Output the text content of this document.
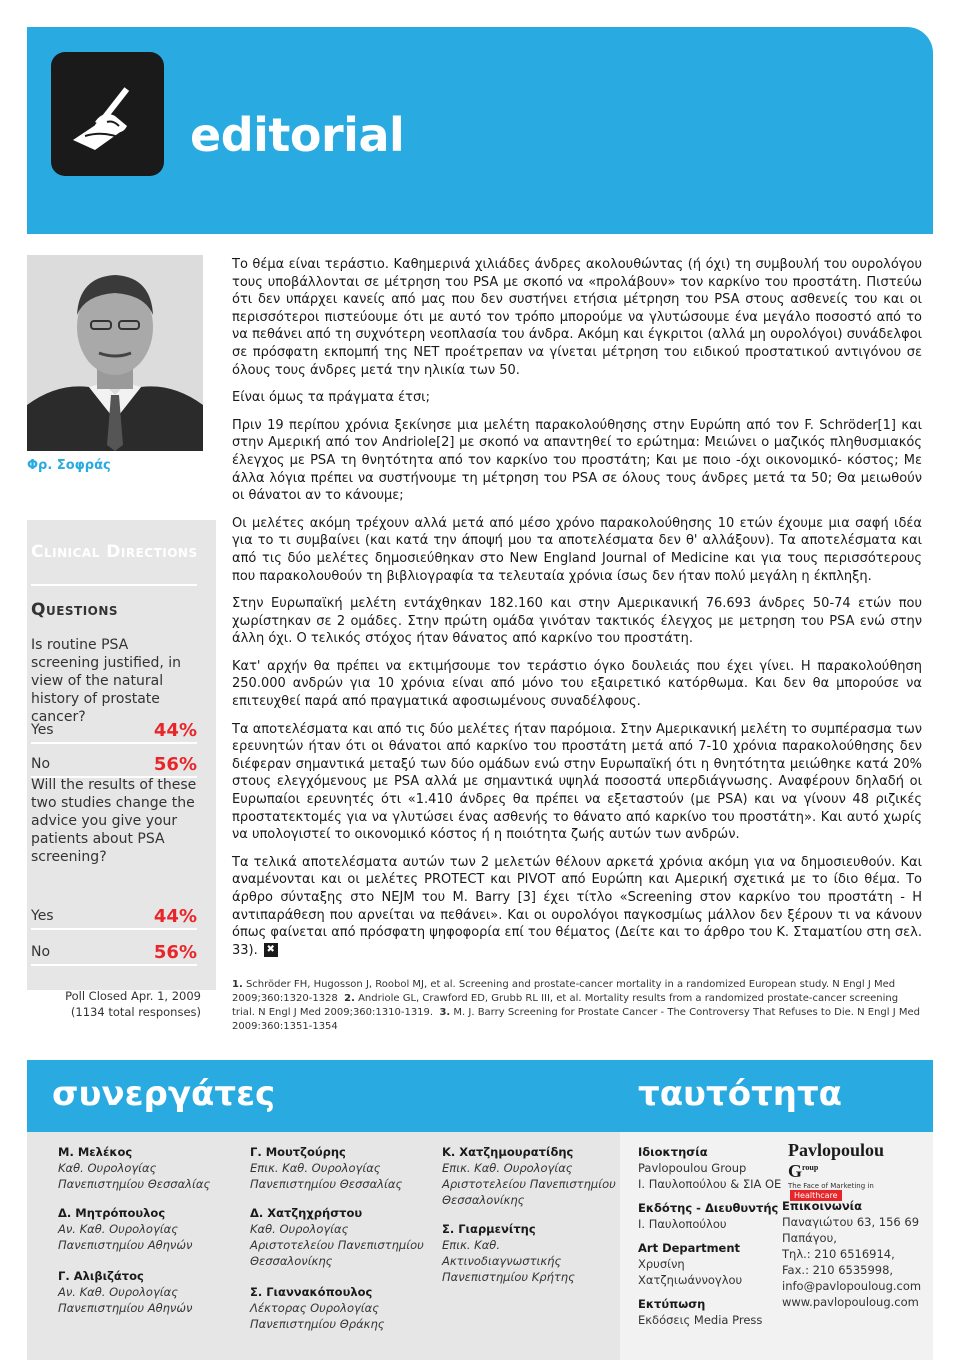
editorial
Φρ. Σοφράς
Clinical Directions
Questions
Is routine PSA screening justified, in view of the natural history of prostate cancer?
Yes	44%
No	56%
Will the results of these two studies change the advice you give your patients about PSA screening?
Yes	44%
No	56%
Poll Closed Apr. 1, 2009
(1134 total responses)

Το θέμα είναι τεράστιο. Καθημερινά χιλιάδες άνδρες ακολουθώντας (ή όχι) τη συμβουλή του ουρολόγου τους υποβάλλονται σε μέτρηση του PSA με σκοπό να «προλάβουν» τον καρκίνο του προστάτη. Πιστεύω ότι δεν υπάρχει κανείς από μας που δεν συστήνει ετήσια μέτρηση του PSA στους ασθενείς του και οι περισσότεροι πιστεύουμε ότι με αυτό τον τρόπο μπορούμε να γλυτώσουμε ένα μεγάλο ποσοστό από το να πεθάνει από τη συχνότερη νεοπλασία του άνδρα. Ακόμη και έγκριτοι (αλλά μη ουρολόγοι) συνάδελφοι σε πρόσφατη εκπομπή της ΝΕΤ προέτρεπαν να γίνεται μέτρηση του ειδικού προστατικού αντιγόνου σε όλους τους άνδρες μετά την ηλικία των 50.

Είναι όμως τα πράγματα έτσι;

Πριν 19 περίπου χρόνια ξεκίνησε μια μελέτη παρακολούθησης στην Ευρώπη από τον F. Schröder[1] και στην Αμερική από τον Andriole[2] με σκοπό να απαντηθεί το ερώτημα: Μειώνει ο μαζικός πληθυσμιακός έλεγχος με PSA τη θνητότητα από τον καρκίνο του προστάτη; Και με ποιο -όχι οικονομικό- κόστος; Με άλλα λόγια πρέπει να συστήνουμε τη μέτρηση του PSA σε όλους τους άνδρες μετά τα 50; Θα μειωθούν οι θάνατοι αν το κάνουμε;

Οι μελέτες ακόμη τρέχουν αλλά μετά από μέσο χρόνο παρακολούθησης 10 ετών έχουμε μια σαφή ιδέα για το τι συμβαίνει (και κατά την άποψή μου τα αποτελέσματα δεν θ' αλλάξουν). Τα αποτελέσματα και από τις δύο μελέτες δημοσιεύθηκαν στο New England Journal of Medicine και για τους περισσότερους που παρακολουθούν τη βιβλιογραφία τα τελευταία χρόνια ίσως δεν ήταν πολύ μεγάλη η έκπληξη.

Στην Ευρωπαϊκή μελέτη εντάχθηκαν 182.160 και στην Αμερικανική 76.693 άνδρες 50-74 ετών που χωρίστηκαν σε 2 ομάδες. Στην πρώτη ομάδα γινόταν τακτικός έλεγχος με μετρηση του PSA ενώ στην άλλη όχι. Ο τελικός στόχος ήταν θάνατος από καρκίνο του προστάτη.

Κατ' αρχήν θα πρέπει να εκτιμήσουμε τον τεράστιο όγκο δουλειάς που έχει γίνει. Η παρακολούθηση 250.000 ανδρών για 10 χρόνια είναι από μόνο του εξαιρετικό κατόρθωμα. Και δεν θα μπορούσε να επιτευχθεί παρά από πραγματικά αφοσιωμένους συναδέλφους.

Τα αποτελέσματα και από τις δύο μελέτες ήταν παρόμοια. Στην Αμερικανική μελέτη το συμπέρασμα των ερευνητών ήταν ότι οι θάνατοι από καρκίνο του προστάτη μετά από 7-10 χρόνια παρακολούθησης δεν διέφεραν σημαντικά μεταξύ των δύο ομάδων ενώ στην Ευρωπαϊκή ότι η θνητότητα μειώθηκε κατά 20% στους ελεγχόμενους με PSA αλλά με σημαντικά υψηλά ποσοστά υπερδιάγνωσης. Αναφέρουν δηλαδή οι Ευρωπαίοι ερευνητές ότι «1.410 άνδρες θα πρέπει να εξεταστούν (με PSA) και να γίνουν 48 ριζικές προστατεκτομές για να γλυτώσει ένας ασθενής το θάνατο από καρκίνο του προστάτη». Και αυτό χωρίς να υπολογιστεί το οικονομικό κόστος ή η ποιότητα ζωής αυτών των ανδρών.

Τα τελικά αποτελέσματα αυτών των 2 μελετών θέλουν αρκετά χρόνια ακόμη για να δημοσιευθούν. Και αναμένονται και οι μελέτες PROTECT και PIVOT από Ευρώπη και Αμερική σχετικά με το ίδιο θέμα. Το άρθρο σύνταξης στο NEJM του M. Barry [3] έχει τίτλο «Screening στον καρκίνο του προστάτη - Η αντιπαράθεση που αρνείται να πεθάνει». Και οι ουρολόγοι παγκοσμίως μάλλον δεν ξέρουν τι να κάνουν όπως φαίνεται από πρόσφατη ψηφοφορία επί του θέματος (Δείτε και το άρθρο του Κ. Σταματίου στη σελ. 33). ✖

1. Schröder FH, Hugosson J, Roobol MJ, et al. Screening and prostate-cancer mortality in a randomized European study. N Engl J Med 2009;360:1320-1328 2. Andriole GL, Crawford ED, Grubb RL III, et al. Mortality results from a randomized prostate-cancer screening trial. N Engl J Med 2009;360:1310-1319. 3. M. J. Barry Screening for Prostate Cancer - The Controversy That Refuses to Die. N Engl J Med 2009:360:1351-1354
συνεργάτες	ταυτότητα
Μ. Μελέκος
Καθ. Ουρολογίας
Πανεπιστημίου Θεσσαλίας
Δ. Μητρόπουλος
Αν. Καθ. Ουρολογίας
Πανεπιστημίου Αθηνών
Γ. Αλιβιζάτος
Αν. Καθ. Ουρολογίας
Πανεπιστημίου Αθηνών
Γ. Μουτζούρης
Επικ. Καθ. Ουρολογίας
Πανεπιστημίου Θεσσαλίας
Δ. Χατζηχρήστου
Καθ. Ουρολογίας
Αριστοτελείου Πανεπιστημίου
Θεσσαλονίκης
Σ. Γιαννακόπουλος
Λέκτορας Ουρολογίας
Πανεπιστημίου Θράκης
Κ. Χατζημουρατίδης
Επικ. Καθ. Ουρολογίας
Αριστοτελείου Πανεπιστημίου
Θεσσαλονίκης
Σ. Γιαρμενίτης
Επικ. Καθ.
Ακτινοδιαγνωστικής
Πανεπιστημίου Κρήτης
Ιδιοκτησία
Pavlopoulou Group
Ι. Παυλοπούλου & ΣΙΑ ΟΕ
Εκδότης - Διευθυντής
Ι. Παυλοπούλου
Art Department
Χρυσίνη
Χατζηιωάννογλου
Εκτύπωση
Εκδόσεις Media Press
Pavlopoulou $G^{roup}$
The Face of Marketing inHealthcare
Επικοινωνία
Παναγιώτου 63, 156 69
Παπάγου,
Τηλ.: 210 6516914,
Fax.: 210 6535998,
info@pavlopouloug.com
www.pavlopouloug.com
